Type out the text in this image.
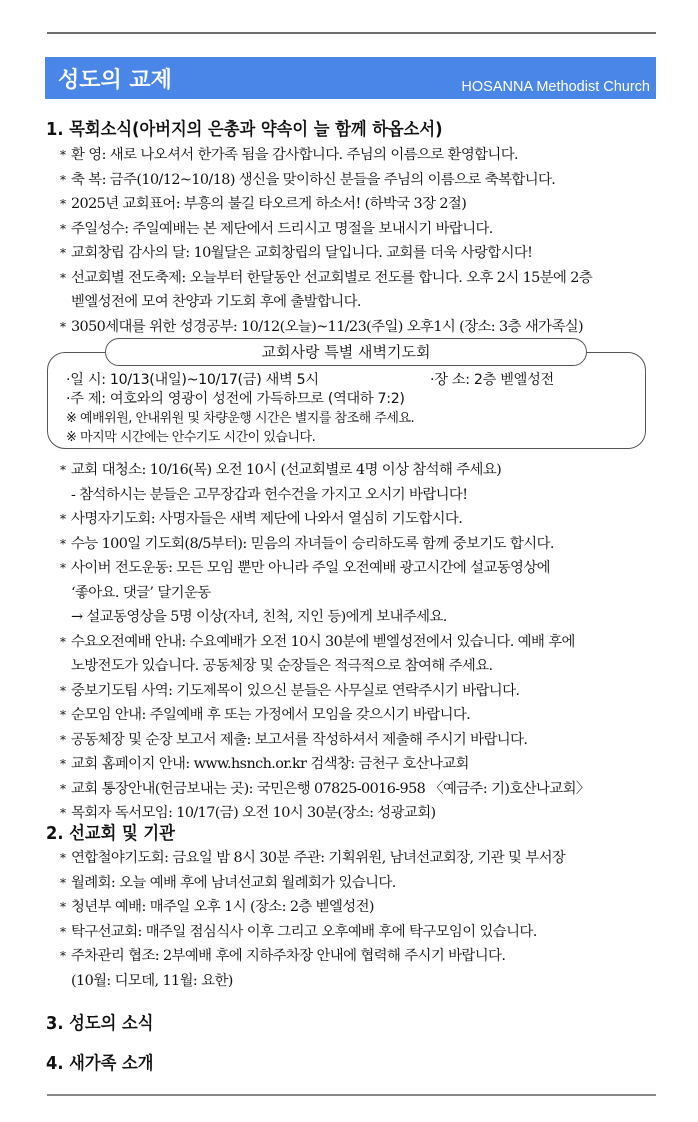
성도의 교제	HOSANNA Methodist Church
1. 목회소식(아버지의 은총과 약속이 늘 함께 하옵소서)
* 환 영: 새로 나오셔서 한가족 됨을 감사합니다. 주님의 이름으로 환영합니다.
* 축 복: 금주(10/12~10/18) 생신을 맞이하신 분들을 주님의 이름으로 축복합니다.
* 2025년 교회표어: 부흥의 불길 타오르게 하소서! (하박국 3장 2절)
* 주일성수: 주일예배는 본 제단에서 드리시고 명절을 보내시기 바랍니다.
* 교회창립 감사의 달: 10월달은 교회창립의 달입니다. 교회를 더욱 사랑합시다!
* 선교회별 전도축제: 오늘부터 한달동안 선교회별로 전도를 합니다. 오후 2시 15분에 2층
벧엘성전에 모여 찬양과 기도회 후에 출발합니다.
* 3050세대를 위한 성경공부: 10/12(오늘)~11/23(주일) 오후1시 (장소: 3층 새가족실)
교회사랑 특별 새벽기도회
·일 시: 10/13(내일)~10/17(금) 새벽 5시	·장 소: 2층 벧엘성전
·주 제: 여호와의 영광이 성전에 가득하므로 (역대하 7:2)
※ 예배위원, 안내위원 및 차량운행 시간은 별지를 참조해 주세요.
※ 마지막 시간에는 안수기도 시간이 있습니다.
* 교회 대청소: 10/16(목) 오전 10시 (선교회별로 4명 이상 참석해 주세요)
- 참석하시는 분들은 고무장갑과 헌수건을 가지고 오시기 바랍니다!
* 사명자기도회: 사명자들은 새벽 제단에 나와서 열심히 기도합시다.
* 수능 100일 기도회(8/5부터): 믿음의 자녀들이 승리하도록 함께 중보기도 합시다.
* 사이버 전도운동: 모든 모임 뿐만 아니라 주일 오전예배 광고시간에 설교동영상에
‘좋아요. 댓글’ 달기운동
→ 설교동영상을 5명 이상(자녀, 친척, 지인 등)에게 보내주세요.
* 수요오전예배 안내: 수요예배가 오전 10시 30분에 벧엘성전에서 있습니다. 예배 후에
노방전도가 있습니다. 공동체장 및 순장들은 적극적으로 참여해 주세요.
* 중보기도팀 사역: 기도제목이 있으신 분들은 사무실로 연락주시기 바랍니다.
* 순모임 안내: 주일예배 후 또는 가정에서 모임을 갖으시기 바랍니다.
* 공동체장 및 순장 보고서 제출: 보고서를 작성하셔서 제출해 주시기 바랍니다.
* 교회 홈페이지 안내: www.hsnch.or.kr 검색창: 금천구 호산나교회
* 교회 통장안내(헌금보내는 곳): 국민은행 07825-0016-958 〈예금주: 기)호산나교회〉
* 목회자 독서모임: 10/17(금) 오전 10시 30분(장소: 성광교회)
2. 선교회 및 기관
* 연합철야기도회: 금요일 밤 8시 30분 주관: 기획위원, 남녀선교회장, 기관 및 부서장
* 월례회: 오늘 예배 후에 남녀선교회 월례회가 있습니다.
* 청년부 예배: 매주일 오후 1시 (장소: 2층 벧엘성전)
* 탁구선교회: 매주일 점심식사 이후 그리고 오후예배 후에 탁구모임이 있습니다.
* 주차관리 협조: 2부예배 후에 지하주차장 안내에 협력해 주시기 바랍니다.
(10월: 디모데, 11월: 요한)
3. 성도의 소식
4. 새가족 소개
